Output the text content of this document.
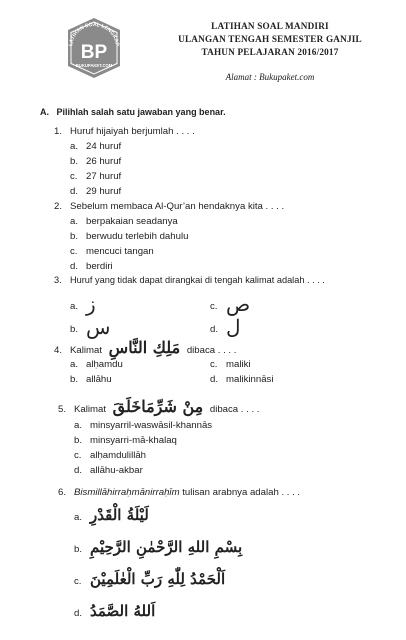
LATIHAN SOAL LENGKAP
BP
BUKUPAKET.COM
LATIHAN SOAL MANDIRI
ULANGAN TENGAH SEMESTER GANJIL
TAHUN PELAJARAN 2016/2017
Alamat : Bukupaket.com
A. Pilihlah salah satu jawaban yang benar.
1. Huruf hijaiyah berjumlah . . . .
a. 24 huruf
b. 26 huruf
c. 27 huruf
d. 29 huruf
2. Sebelum membaca Al-Qur’an hendaknya kita . . . .
a. berpakaian seadanya
b. berwudu terlebih dahulu
c. mencuci tangan
d. berdiri
3. Huruf yang tidak dapat dirangkai di tengah kalimat adalah . . . .
a. ز
b. س
c. ص
d. ل
4. Kalimat مَلِكِ النَّاسِ dibaca . . . .
a. alḥamdu
b. allāhu
c. maliki
d. malikinnāsi
5. Kalimat مِنْ شَرِّمَاخَلَقَ dibaca . . . .
a. minsyarril-waswāsil-khannās
b. minsyarri-mā-khalaq
c. alḥamdulillāh
d. allāhu-akbar
6. Bismillāhirraḥmānirraḥīm tulisan arabnya adalah . . . .
a. لَيْلَةُ الْقَدْرِ
b. بِسْمِ اللهِ الرَّحْمٰنِ الرَّحِيْمِ
c. اَلْحَمْدُ لِلّٰهِ رَبِّ الْعٰلَمِيْنَ
d. اَللهُ الصَّمَدُ
